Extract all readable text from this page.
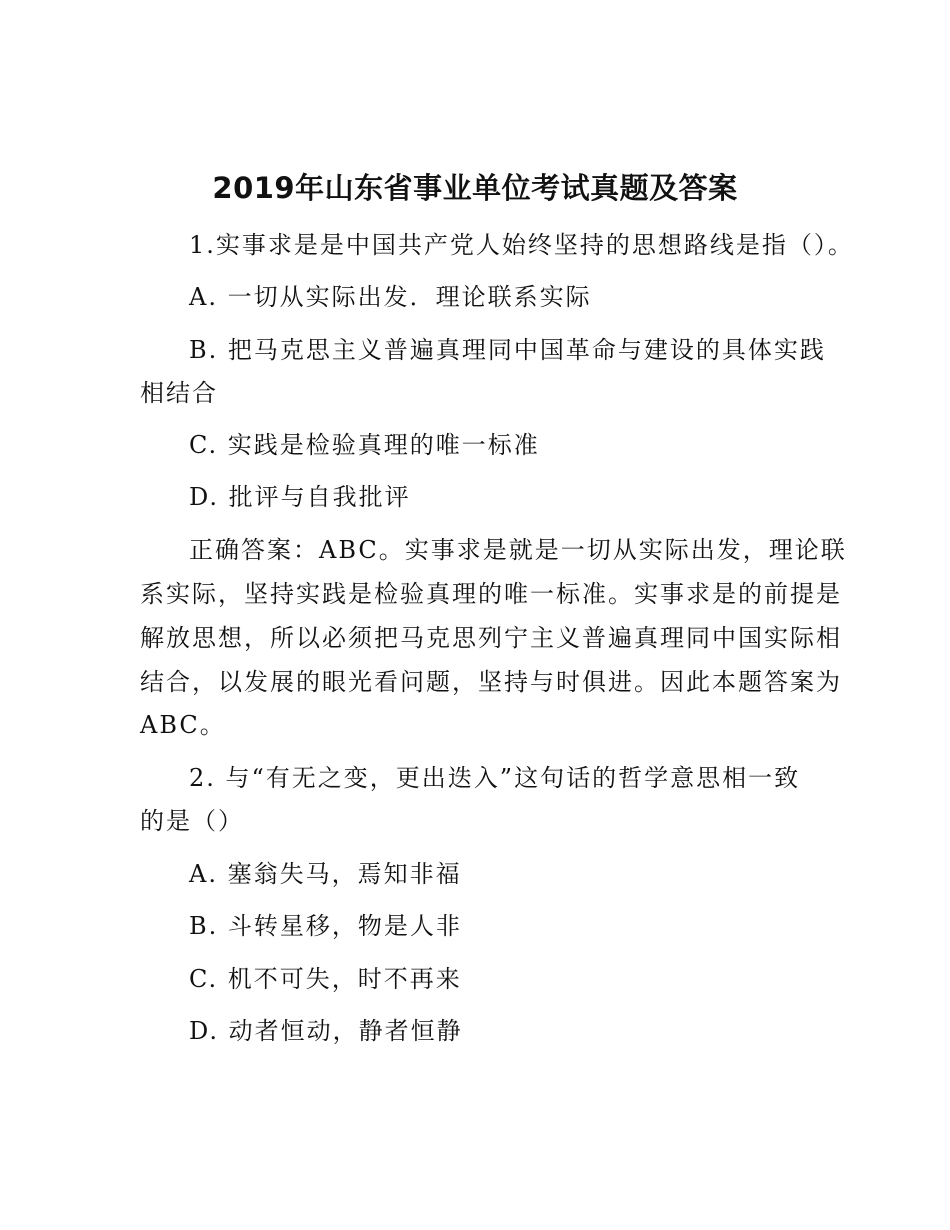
2019年山东省事业单位考试真题及答案
1.实事求是是中国共产党人始终坚持的思想路线是指（）。
A. 一切从实际出发．理论联系实际
B. 把马克思主义普遍真理同中国革命与建设的具体实践
相结合
C. 实践是检验真理的唯一标准
D. 批评与自我批评
正确答案：ABC。实事求是就是一切从实际出发，理论联
系实际，坚持实践是检验真理的唯一标准。实事求是的前提是
解放思想，所以必须把马克思列宁主义普遍真理同中国实际相
结合，以发展的眼光看问题，坚持与时俱进。因此本题答案为
ABC。
2. 与“有无之变，更出迭入”这句话的哲学意思相一致
的是（）
A. 塞翁失马，焉知非福
B. 斗转星移，物是人非
C. 机不可失，时不再来
D. 动者恒动，静者恒静
